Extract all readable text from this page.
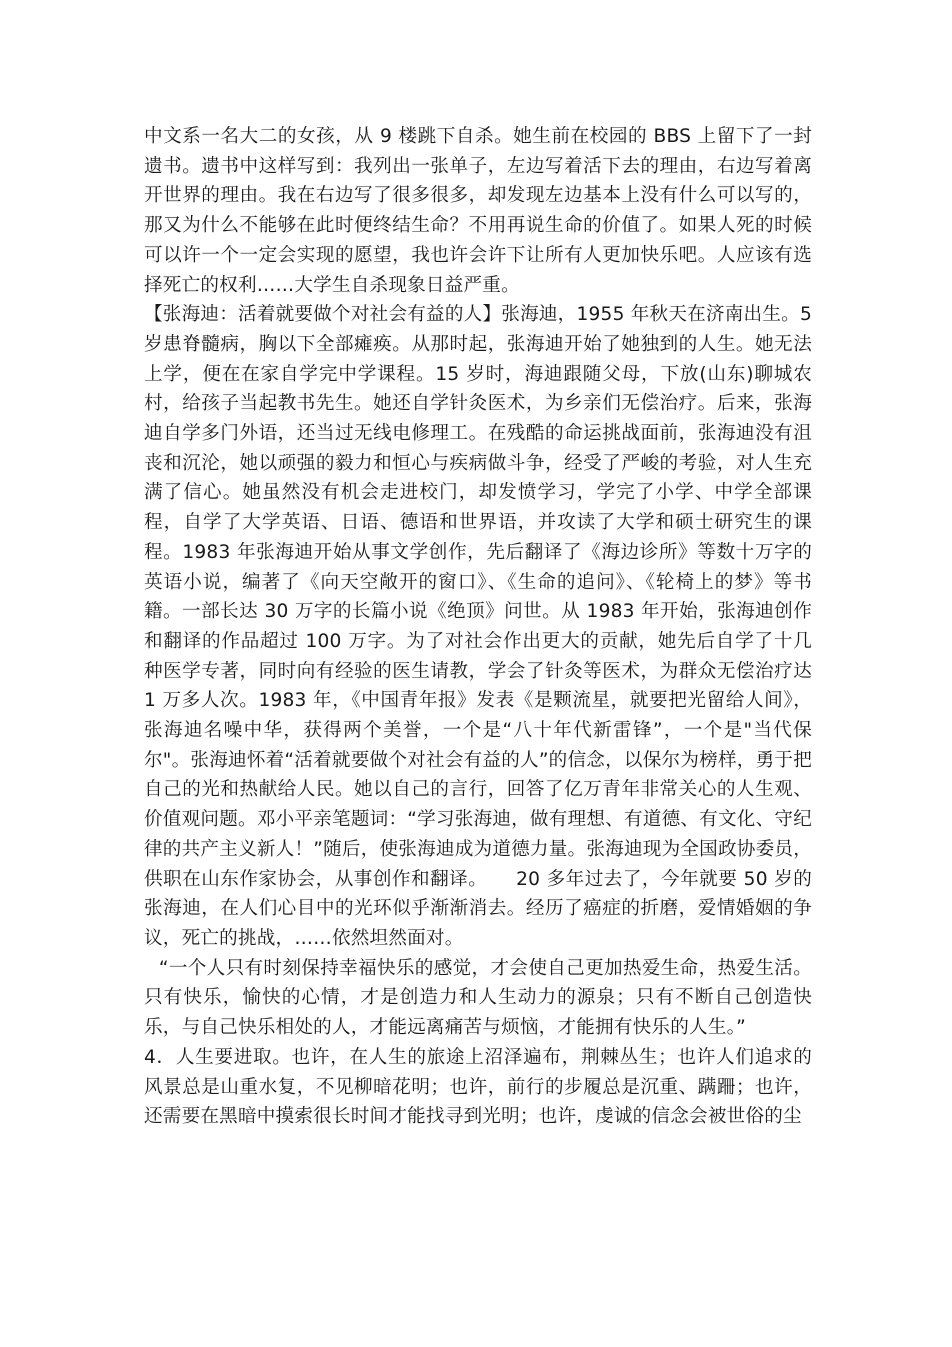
中文系一名大二的女孩，从 9 楼跳下自杀。她生前在校园的 BBS 上留下了一封遗书。遗书中这样写到：我列出一张单子，左边写着活下去的理由，右边写着离开世界的理由。我在右边写了很多很多，却发现左边基本上没有什么可以写的，那又为什么不能够在此时便终结生命？不用再说生命的价值了。如果人死的时候可以许一个一定会实现的愿望，我也许会许下让所有人更加快乐吧。人应该有选择死亡的权利……大学生自杀现象日益严重。

【张海迪：活着就要做个对社会有益的人】张海迪，1955 年秋天在济南出生。5 岁患脊髓病，胸以下全部瘫痪。从那时起，张海迪开始了她独到的人生。她无法上学，便在在家自学完中学课程。15 岁时，海迪跟随父母，下放(山东)聊城农村，给孩子当起教书先生。她还自学针灸医术，为乡亲们无偿治疗。后来，张海迪自学多门外语，还当过无线电修理工。在残酷的命运挑战面前，张海迪没有沮丧和沉沦，她以顽强的毅力和恒心与疾病做斗争，经受了严峻的考验，对人生充满了信心。她虽然没有机会走进校门，却发愤学习，学完了小学、中学全部课程，自学了大学英语、日语、德语和世界语，并攻读了大学和硕士研究生的课程。1983 年张海迪开始从事文学创作，先后翻译了《海边诊所》等数十万字的英语小说，编著了《向天空敞开的窗口》、《生命的追问》、《轮椅上的梦》等书籍。一部长达 30 万字的长篇小说《绝顶》问世。从 1983 年开始，张海迪创作和翻译的作品超过 100 万字。为了对社会作出更大的贡献，她先后自学了十几种医学专著，同时向有经验的医生请教，学会了针灸等医术，为群众无偿治疗达 1 万多人次。1983 年，《中国青年报》发表《是颗流星，就要把光留给人间》，张海迪名噪中华，获得两个美誉，一个是“八十年代新雷锋”，一个是"当代保尔"。张海迪怀着“活着就要做个对社会有益的人”的信念，以保尔为榜样，勇于把自己的光和热献给人民。她以自己的言行，回答了亿万青年非常关心的人生观、价值观问题。邓小平亲笔题词：“学习张海迪，做有理想、有道德、有文化、守纪律的共产主义新人！”随后，使张海迪成为道德力量。张海迪现为全国政协委员，供职在山东作家协会，从事创作和翻译。　　20 多年过去了，今年就要 50 岁的张海迪，在人们心目中的光环似乎渐渐消去。经历了癌症的折磨，爱情婚姻的争议，死亡的挑战，……依然坦然面对。

“一个人只有时刻保持幸福快乐的感觉，才会使自己更加热爱生命，热爱生活。只有快乐，愉快的心情，才是创造力和人生动力的源泉；只有不断自己创造快乐，与自己快乐相处的人，才能远离痛苦与烦恼，才能拥有快乐的人生。”

4．人生要进取。也许，在人生的旅途上沼泽遍布，荆棘丛生；也许人们追求的风景总是山重水复，不见柳暗花明；也许，前行的步履总是沉重、蹒跚；也许，还需要在黑暗中摸索很长时间才能找寻到光明；也许，虔诚的信念会被世俗的尘
